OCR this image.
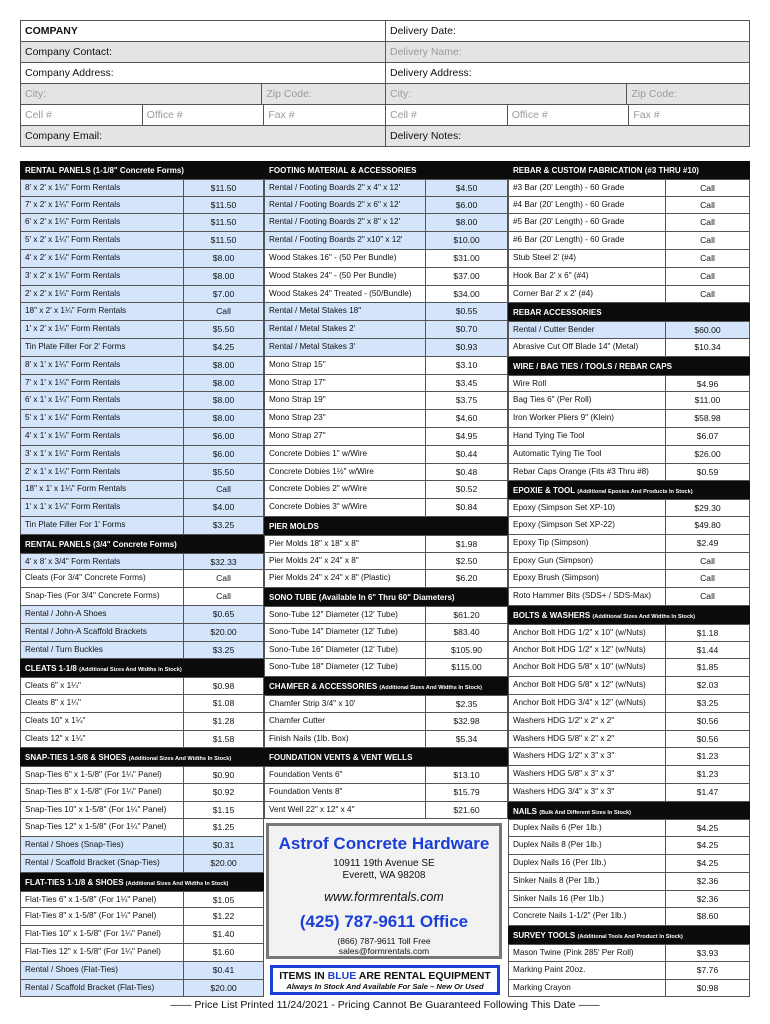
COMPANY	Delivery Date:
Company Contact:	Delivery Name:
Company Address:	Delivery Address:
City:	Zip Code:	City:	Zip Code:
Cell #	Office #	Fax #	Cell #	Office #	Fax #
Company Email:	Delivery Notes:
RENTAL PANELS (1-1/8" Concrete Forms)
8' x 2' x 1¼" Form Rentals	$11.50
7' x 2' x 1¼" Form Rentals	$11.50
6' x 2' x 1¼" Form Rentals	$11.50
5' x 2' x 1¼" Form Rentals	$11.50
4' x 2' x 1¼" Form Rentals	$8.00
3' x 2' x 1¼" Form Rentals	$8.00
2' x 2' x 1¼" Form Rentals	$7.00
18" x 2' x 1¼" Form Rentals	Call
1' x 2' x 1¼" Form Rentals	$5.50
Tin Plate Filler For 2' Forms	$4.25
8' x 1' x 1¼" Form Rentals	$8.00
7' x 1' x 1¼" Form Rentals	$8.00
6' x 1' x 1¼" Form Rentals	$8.00
5' x 1' x 1¼" Form Rentals	$8.00
4' x 1' x 1¼" Form Rentals	$6.00
3' x 1' x 1¼" Form Rentals	$6.00
2' x 1' x 1¼" Form Rentals	$5.50
18" x 1' x 1¼" Form Rentals	Call
1' x 1' x 1¼" Form Rentals	$4.00
Tin Plate Filler For 1' Forms	$3.25
RENTAL PANELS (3/4" Concrete Forms)
4' x 8' x 3/4" Form Rentals	$32.33
Cleats (For 3/4" Concrete Forms)	Call
Snap-Ties (For 3/4" Concrete Forms)	Call
Rental / John-A Shoes	$0.65
Rental / John-A Scaffold Brackets	$20.00
Rental / Turn Buckles	$3.25
CLEATS 1-1/8 (Additional Sizes And Widths In Stock)
Cleats 6" x 1¼"	$0.98
Cleats 8" x 1¼"	$1.08
Cleats 10" x 1¼"	$1.28
Cleats 12" x 1¼"	$1.58
SNAP-TIES 1-5/8 & SHOES (Additional Sizes And Widths In Stock)
Snap-Ties 6" x 1-5/8" (For 1¼" Panel)	$0.90
Snap-Ties 8" x 1-5/8" (For 1¼" Panel)	$0.92
Snap-Ties 10" x 1-5/8" (For 1¼" Panel)	$1.15
Snap-Ties 12" x 1-5/8" (For 1¼" Panel)	$1.25
Rental / Shoes (Snap-Ties)	$0.31
Rental / Scaffold Bracket (Snap-Ties)	$20.00
FLAT-TIES 1-1/8 & SHOES (Additional Sizes And Widths In Stock)
Flat-Ties 6" x 1-5/8" (For 1¼" Panel)	$1.05
Flat-Ties 8" x 1-5/8" (For 1¼" Panel)	$1.22
Flat-Ties 10" x 1-5/8" (For 1¼" Panel)	$1.40
Flat-Ties 12" x 1-5/8" (For 1¼" Panel)	$1.60
Rental / Shoes (Flat-Ties)	$0.41
Rental / Scaffold Bracket (Flat-Ties)	$20.00
FOOTING MATERIAL & ACCESSORIES
Rental / Footing Boards 2" x 4" x 12'	$4.50
Rental / Footing Boards 2" x 6" x 12'	$6.00
Rental / Footing Boards 2" x 8" x 12'	$8.00
Rental / Footing Boards 2" x10" x 12'	$10.00
Wood Stakes 16" - (50 Per Bundle)	$31.00
Wood Stakes 24" - (50 Per Bundle)	$37.00
Wood Stakes 24" Treated - (50/Bundle)	$34.00
Rental / Metal Stakes 18"	$0.55
Rental / Metal Stakes 2'	$0.70
Rental / Metal Stakes 3'	$0.93
Mono Strap 15"	$3.10
Mono Strap 17"	$3.45
Mono Strap 19"	$3.75
Mono Strap 23"	$4.60
Mono Strap 27"	$4.95
Concrete Dobies 1" w/Wire	$0.44
Concrete Dobies 1½" w/Wire	$0.48
Concrete Dobies 2" w/Wire	$0.52
Concrete Dobies 3" w/Wire	$0.84
PIER MOLDS
Pier Molds 18" x 18" x 8"	$1.98
Pier Molds 24" x 24" x 8"	$2.50
Pier Molds 24" x 24" x 8" (Plastic)	$6.20
SONO TUBE (Available In 6" Thru 60" Diameters)
Sono-Tube 12" Diameter (12' Tube)	$61.20
Sono-Tube 14" Diameter (12' Tube)	$83.40
Sono-Tube 16" Diameter (12' Tube)	$105.90
Sono-Tube 18" Diameter (12' Tube)	$115.00
CHAMFER & ACCESSORIES (Additional Sizes And Widths In Stock)
Chamfer Strip 3/4" x 10'	$2.35
Chamfer Cutter	$32.98
Finish Nails (1lb. Box)	$5.34
FOUNDATION VENTS & VENT WELLS
Foundation Vents 6"	$13.10
Foundation Vents 8"	$15.79
Vent Well 22" x 12" x 4"	$21.60
Astrof Concrete Hardware
10911 19th Avenue SE
Everett, WA 98208
www.formrentals.com
(425) 787-9611 Office
(866) 787-9611 Toll Free
sales@formrentals.com
ITEMS IN BLUE ARE RENTAL EQUIPMENT
Always In Stock And Available For Sale – New Or Used
REBAR & CUSTOM FABRICATION (#3 THRU #10)
#3 Bar (20' Length) - 60 Grade	Call
#4 Bar (20' Length) - 60 Grade	Call
#5 Bar (20' Length) - 60 Grade	Call
#6 Bar (20' Length) - 60 Grade	Call
Stub Steel 2' (#4)	Call
Hook Bar 2' x 6" (#4)	Call
Corner Bar 2' x 2' (#4)	Call
REBAR ACCESSORIES
Rental / Cutter Bender	$60.00
Abrasive Cut Off Blade 14" (Metal)	$10.34
WIRE / BAG TIES / TOOLS / REBAR CAPS
Wire Roll	$4.96
Bag Ties 6" (Per Roll)	$11.00
Iron Worker Pliers 9" (Klein)	$58.98
Hand Tying Tie Tool	$6.07
Automatic Tying Tie Tool	$26.00
Rebar Caps Orange (Fits #3 Thru #8)	$0.59
EPOXIE & TOOL (Additional Epoxies And Products In Stock)
Epoxy (Simpson Set XP-10)	$29.30
Epoxy (Simpson Set XP-22)	$49.80
Epoxy Tip (Simpson)	$2.49
Epoxy Gun (Simpson)	Call
Epoxy Brush (Simpson)	Call
Roto Hammer Bits (SDS+ / SDS-Max)	Call
BOLTS & WASHERS (Additional Sizes And Widths In Stock)
Anchor Bolt HDG 1/2" x 10" (w/Nuts)	$1.18
Anchor Bolt HDG 1/2" x 12" (w/Nuts)	$1.44
Anchor Bolt HDG 5/8" x 10" (w/Nuts)	$1.85
Anchor Bolt HDG 5/8" x 12" (w/Nuts)	$2.03
Anchor Bolt HDG 3/4" x 12" (w/Nuts)	$3.25
Washers HDG 1/2" x 2" x 2"	$0.56
Washers HDG 5/8" x 2" x 2"	$0.56
Washers HDG 1/2" x 3" x 3"	$1.23
Washers HDG 5/8" x 3" x 3"	$1.23
Washers HDG 3/4" x 3" x 3"	$1.47
NAILS (Bulk And Different Sizes In Stock)
Duplex Nails 6 (Per 1lb.)	$4.25
Duplex Nails 8 (Per 1lb.)	$4.25
Duplex Nails 16 (Per 1lb.)	$4.25
Sinker Nails 8 (Per 1lb.)	$2.36
Sinker Nails 16 (Per 1lb.)	$2.36
Concrete Nails 1-1/2" (Per 1lb.)	$8.60
SURVEY TOOLS (Additional Tools And Product In Stock)
Mason Twine (Pink 285' Per Roll)	$3.93
Marking Paint 20oz.	$7.76
Marking Crayon	$0.98
—— Price List Printed 11/24/2021 - Pricing Cannot Be Guaranteed Following This Date ——
